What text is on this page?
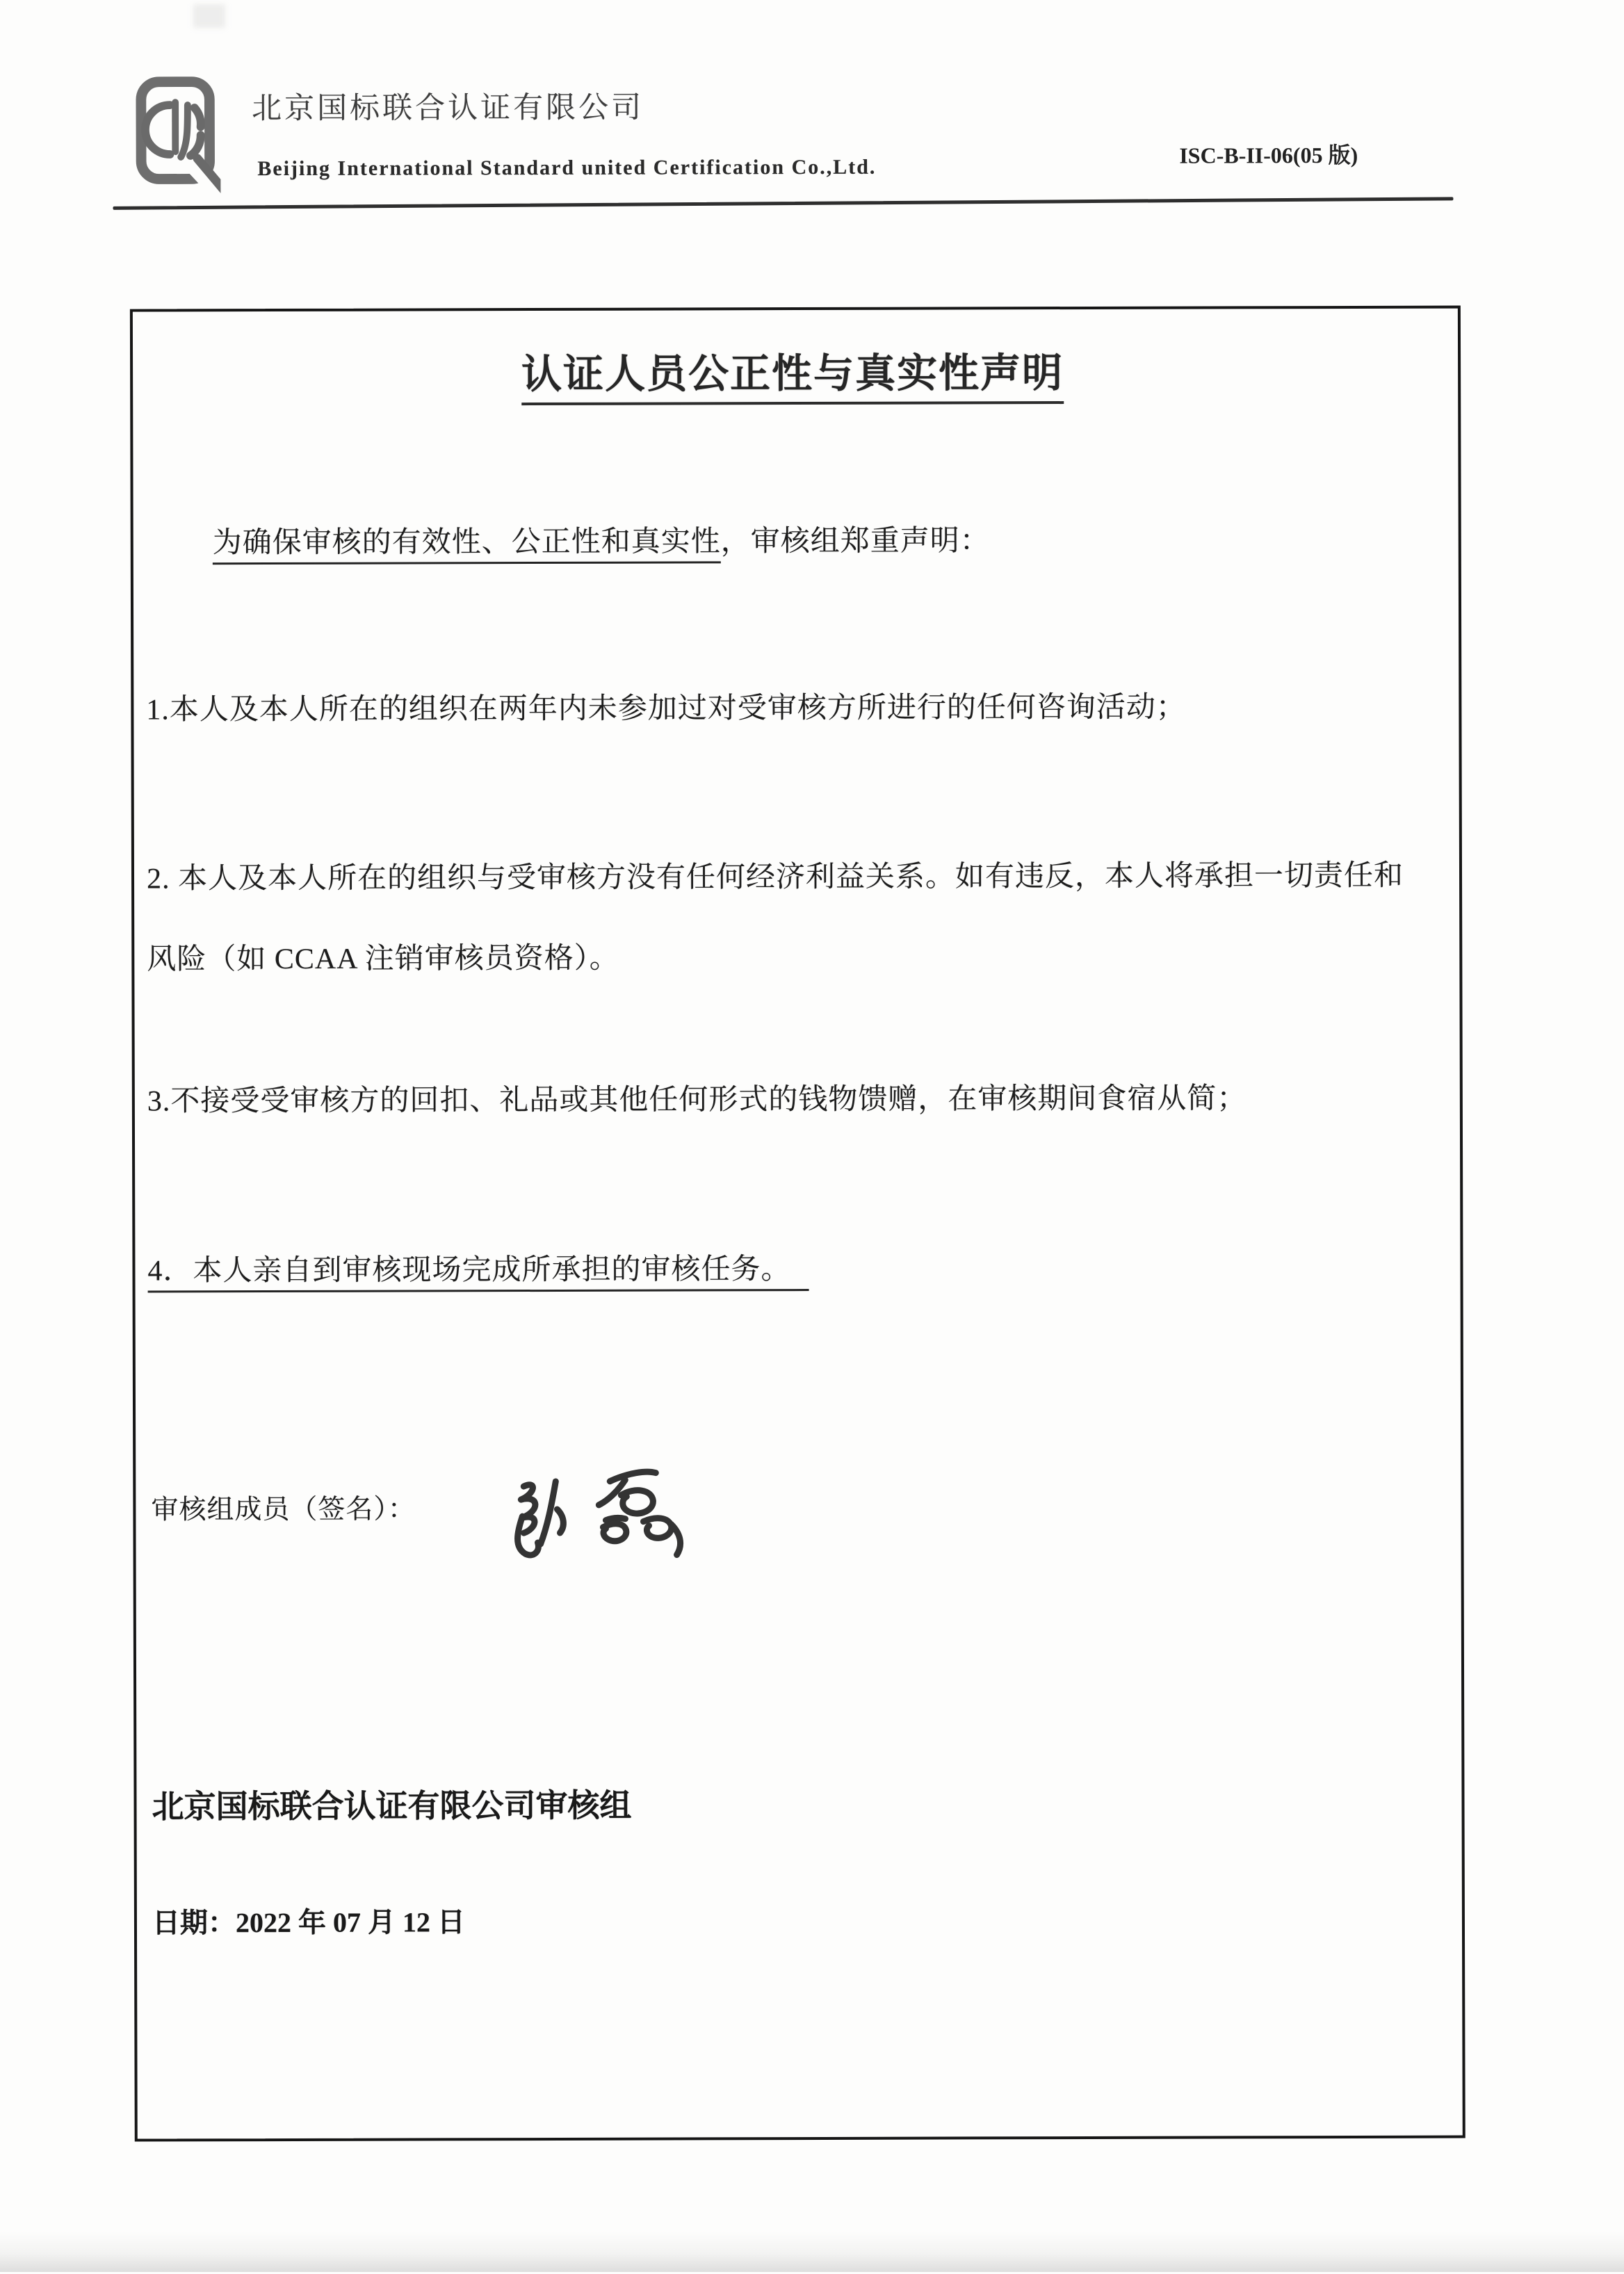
北京国标联合认证有限公司
Beijing International Standard united Certification Co.,Ltd.	ISC-B-II-06(05 版)
认证人员公正性与真实性声明
为确保审核的有效性、公正性和真实性，审核组郑重声明：
1.本人及本人所在的组织在两年内未参加过对受审核方所进行的任何咨询活动；
2. 本人及本人所在的组织与受审核方没有任何经济利益关系。如有违反，本人将承担一切责任和
风险（如 CCAA 注销审核员资格）。
3.不接受受审核方的回扣、礼品或其他任何形式的钱物馈赠，在审核期间食宿从简；
4．本人亲自到审核现场完成所承担的审核任务。
审核组成员（签名）：
北京国标联合认证有限公司审核组
日期：2022 年 07 月 12 日
